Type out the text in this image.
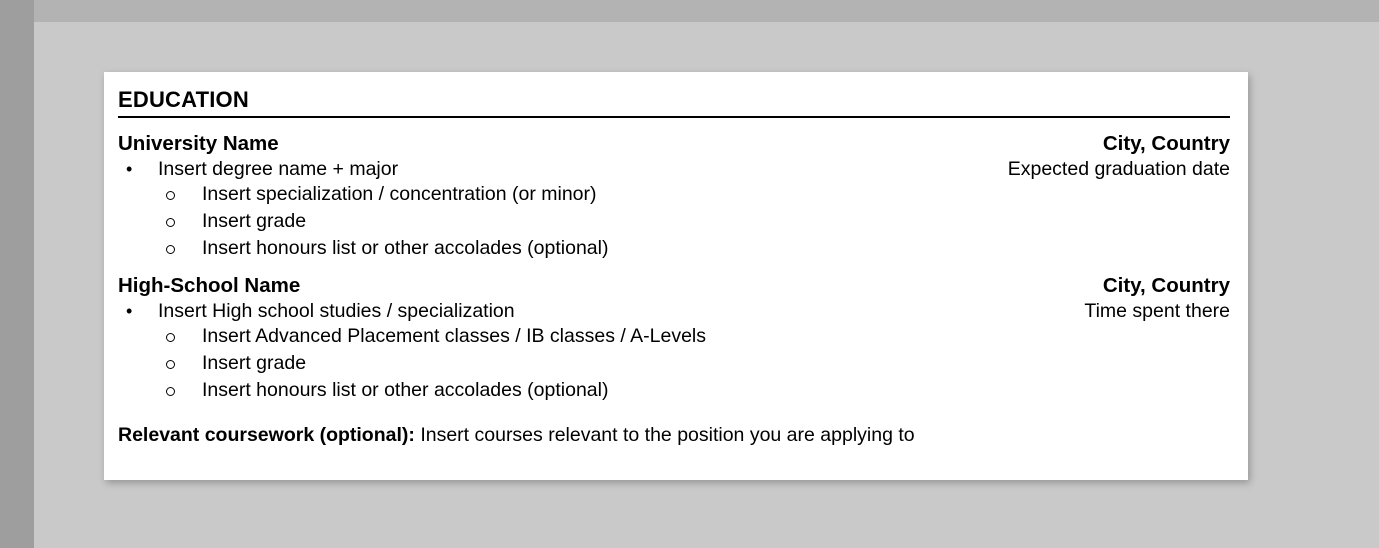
EDUCATION
University Name	City, Country
•	Insert degree name + major	Expected graduation date
Insert specialization / concentration (or minor)
Insert grade
Insert honours list or other accolades (optional)
High-School Name	City, Country
•	Insert High school studies / specialization	Time spent there
Insert Advanced Placement classes / IB classes / A-Levels
Insert grade
Insert honours list or other accolades (optional)
Relevant coursework (optional): Insert courses relevant to the position you are applying to
